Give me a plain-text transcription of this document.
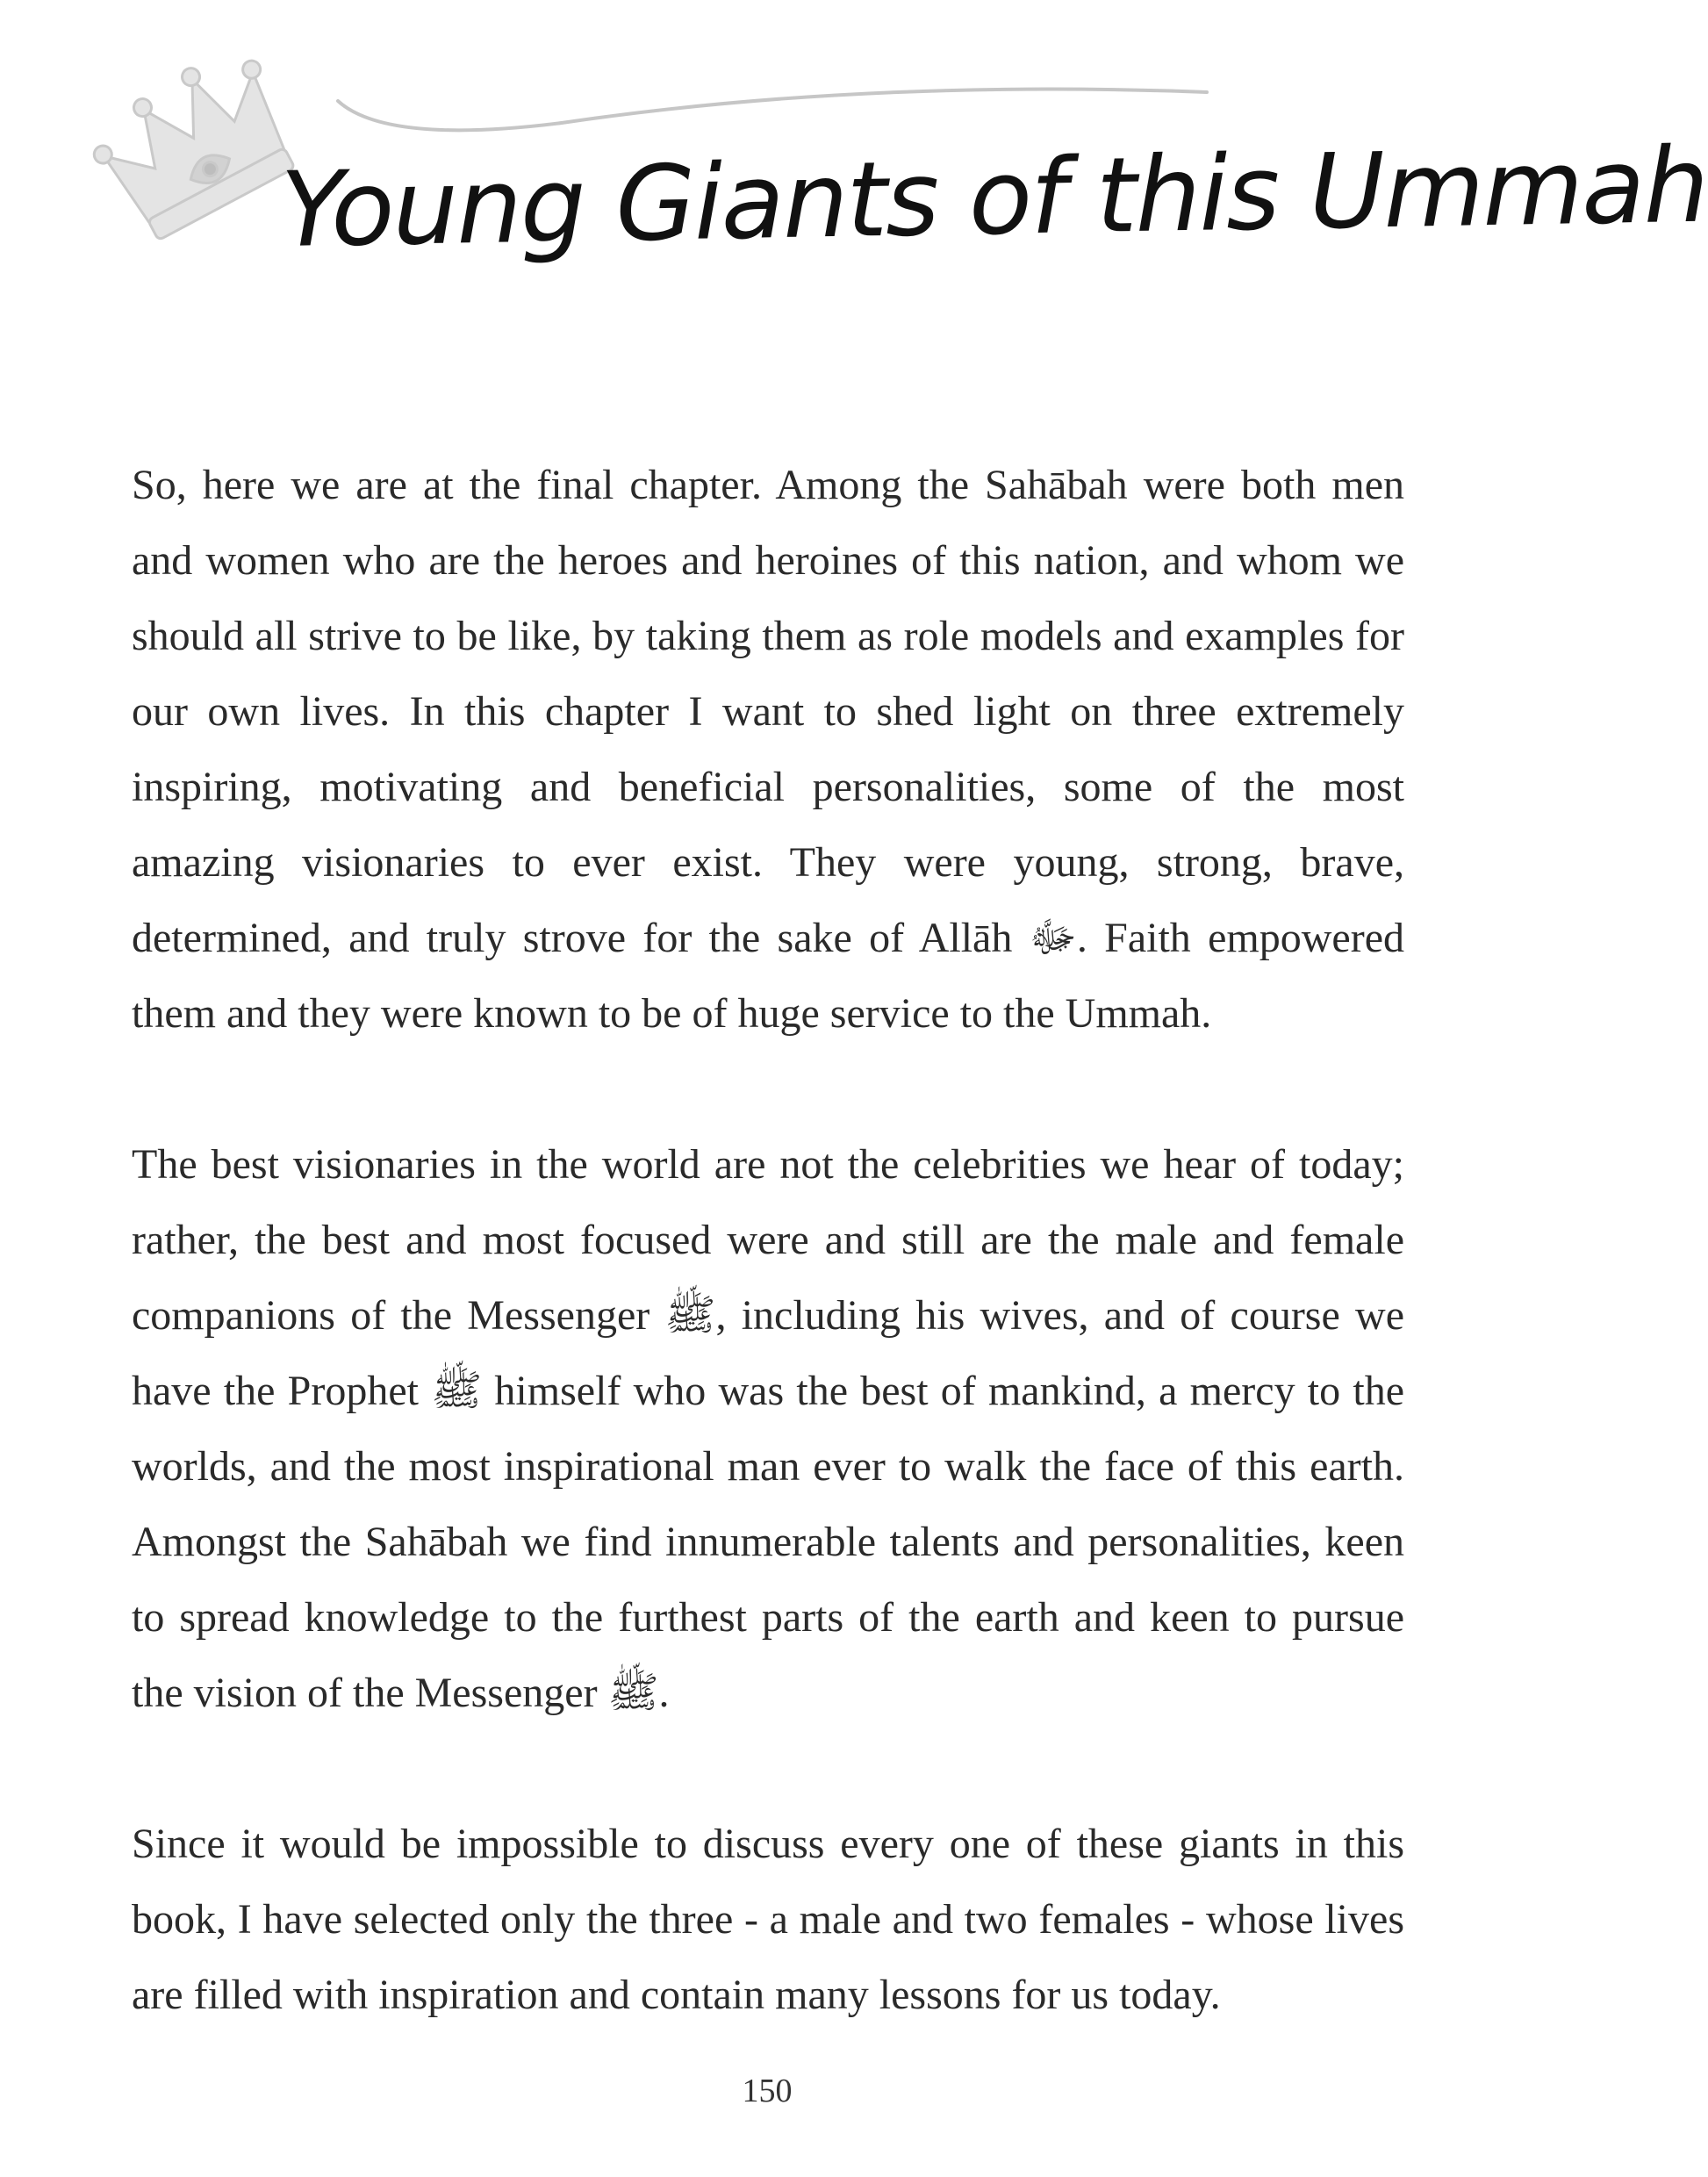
Young Giants of this Ummah

So, here we are at the final chapter. Among the Sahābah were both men and women who are the heroes and heroines of this nation, and whom we should all strive to be like, by taking them as role models and examples for our own lives. In this chapter I want to shed light on three extremely inspiring, motivating and beneficial personalities, some of the most amazing visionaries to ever exist. They were young, strong, brave, determined, and truly strove for the sake of Allāh ﷻ. Faith empowered them and they were known to be of huge service to the Ummah.

The best visionaries in the world are not the celebrities we hear of today; rather, the best and most focused were and still are the male and female companions of the Messenger ﷺ, including his wives, and of course we have the Prophet ﷺ himself who was the best of mankind, a mercy to the worlds, and the most inspirational man ever to walk the face of this earth. Amongst the Sahābah we find innumerable talents and personalities, keen to spread knowledge to the furthest parts of the earth and keen to pursue the vision of the Messenger ﷺ.

Since it would be impossible to discuss every one of these giants in this book, I have selected only the three - a male and two females - whose lives are filled with inspiration and contain many lessons for us today.

150
